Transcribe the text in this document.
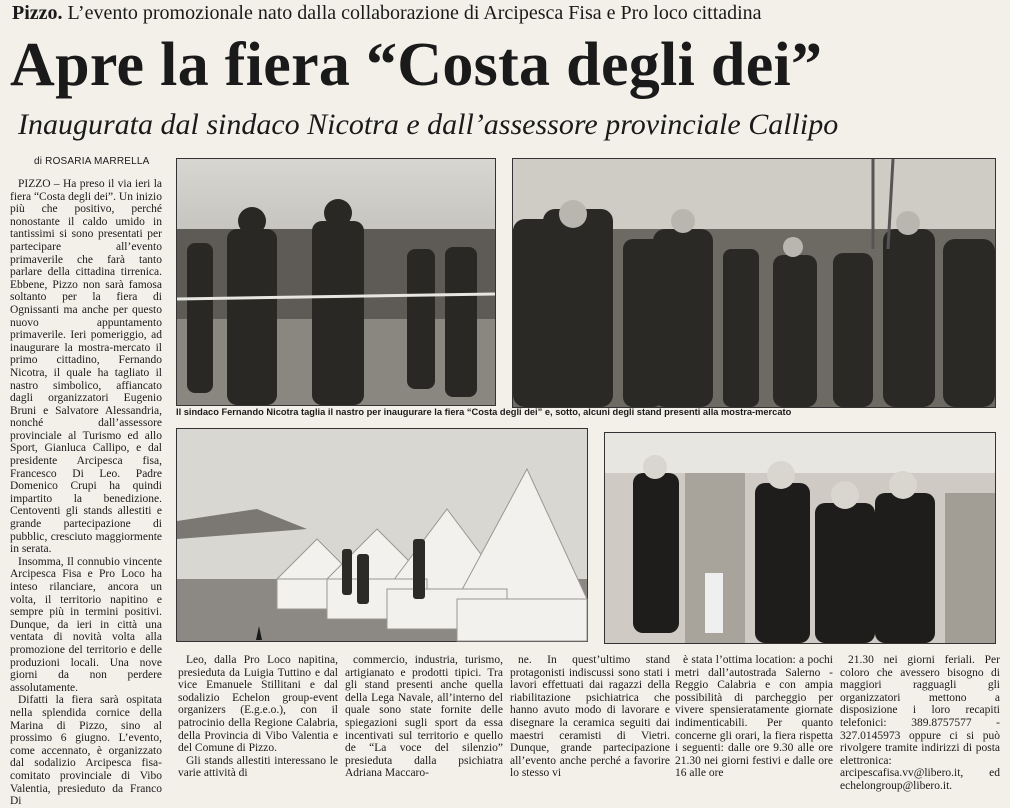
Pizzo. L’evento promozionale nato dalla collaborazione di Arcipesca Fisa e Pro loco cittadina
Apre la fiera “Costa degli dei”
Inaugurata dal sindaco Nicotra e dall’assessore provinciale Callipo
di ROSARIA MARRELLA

PIZZO – Ha preso il via ieri la fiera “Costa degli dei”. Un inizio più che positivo, perché nonostante il caldo umido in tantissimi si sono presentati per partecipare all’evento primaverile che farà tanto parlare della cittadina tirrenica. Ebbene, Pizzo non sarà famosa soltanto per la fiera di Ognissanti ma anche per questo nuovo appuntamento primaverile. Ieri pomeriggio, ad inaugurare la mostra-mercato il primo cittadino, Fernando Nicotra, il quale ha tagliato il nastro simbolico, affiancato dagli organizzatori Eugenio Bruni e Salvatore Alessandria, nonché dall’assessore provinciale al Turismo ed allo Sport, Gianluca Callipo, e dal presidente Arcipesca fisa, Francesco Di Leo. Padre Domenico Crupi ha quindi impartito la benedizione. Centoventi gli stands allestiti e grande partecipazione di pubblic, cresciuto maggiormente in serata.

Insomma, Il connubio vincente Arcipesca Fisa e Pro Loco ha inteso rilanciare, ancora un volta, il territorio napitino e sempre più in termini positivi. Dunque, da ieri in città una ventata di novità volta alla promozione del territorio e delle produzioni locali. Una nove giorni da non perdere assolutamente.

Difatti la fiera sarà ospitata nella splendida cornice della Marina di Pizzo, sino al prossimo 6 giugno. L’evento, come accennato, è organizzato dal sodalizio Arcipesca fisa-comitato provinciale di Vibo Valentia, presieduto da Franco Di

Il sindaco Fernando Nicotra taglia il nastro per inaugurare la fiera “Costa degli dei” e, sotto, alcuni degli stand presenti alla mostra-mercato

Leo, dalla Pro Loco napitina, presieduta da Luigia Tuttino e dal vice Emanuele Stillitani e dal sodalizio Echelon group-event organizers (E.g.e.o.), con il patrocinio della Regione Calabria, della Provincia di Vibo Valentia e del Comune di Pizzo.

Gli stands allestiti interessano le varie attività di

commercio, industria, turismo, artigianato e prodotti tipici. Tra gli stand presenti anche quella della Lega Navale, all’interno del quale sono state fornite delle spiegazioni sugli sport da essa incentivati sul territorio e quello de “La voce del silenzio” presieduta dalla psichiatra Adriana Maccaro-

ne. In quest’ultimo stand protagonisti indiscussi sono stati i lavori effettuati dai ragazzi della riabilitazione psichiatrica che hanno avuto modo di lavorare e disegnare la ceramica seguiti dai maestri ceramisti di Vietri. Dunque, grande partecipazione all’evento anche perché a favorire lo stesso vi

è stata l’ottima location: a pochi metri dall’autostrada Salerno - Reggio Calabria e con ampia possibilità di parcheggio per vivere spensieratamente giornate indimenticabili. Per quanto concerne gli orari, la fiera rispetta i seguenti: dalle ore 9.30 alle ore 21.30 nei giorni festivi e dalle ore 16 alle ore

21.30 nei giorni feriali. Per coloro che avessero bisogno di maggiori ragguagli gli organizzatori mettono a disposizione i loro recapiti telefonici: 389.8757577 - 327.0145973 oppure ci si può rivolgere tramite indirizzi di posta elettronica: arcipescafisa.vv@libero.it, ed echelongroup@libero.it.
